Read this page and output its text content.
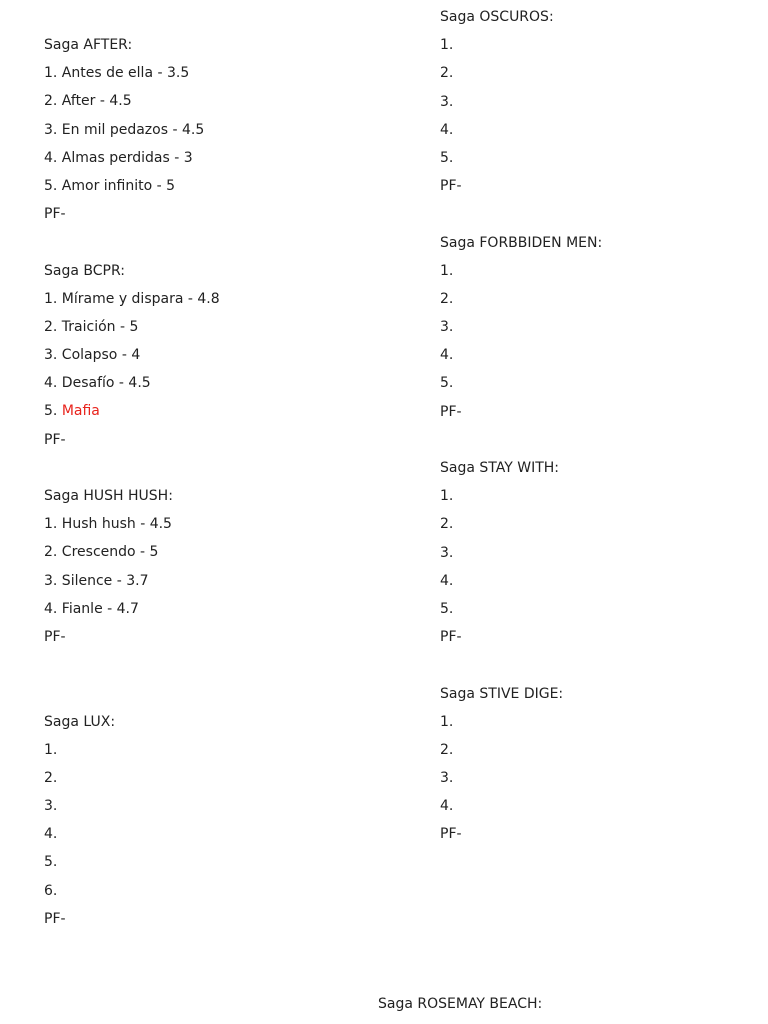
Saga AFTER:
1. Antes de ella - 3.5
2. After - 4.5
3. En mil pedazos - 4.5
4. Almas perdidas - 3
5. Amor infinito - 5
PF-
Saga BCPR:
1. Mírame y dispara - 4.8
2. Traición - 5
3. Colapso - 4
4. Desafío - 4.5
5. Mafia
PF-
Saga HUSH HUSH:
1. Hush hush - 4.5
2. Crescendo - 5
3. Silence - 3.7
4. Fianle - 4.7
PF-
Saga LUX:
1.
2.
3.
4.
5.
6.
PF-
Saga OSCUROS:
1.
2.
3.
4.
5.
PF-
Saga FORBBIDEN MEN:
1.
2.
3.
4.
5.
PF-
Saga STAY WITH:
1.
2.
3.
4.
5.
PF-
Saga STIVE DIGE:
1.
2.
3.
4.
PF-
Saga ROSEMAY BEACH:
